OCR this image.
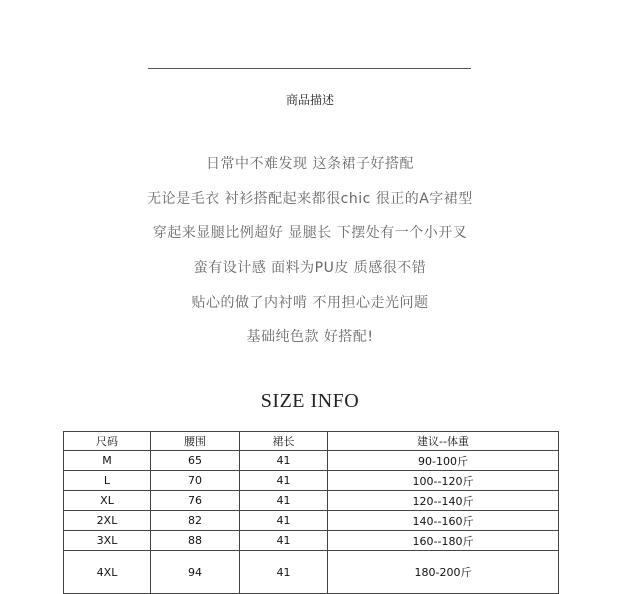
商品描述
日常中不难发现 这条裙子好搭配
无论是毛衣 衬衫搭配起来都很chic 很正的A字裙型
穿起来显腿比例超好 显腿长 下摆处有一个小开叉
蛮有设计感 面料为PU皮 质感很不错
贴心的做了内衬啃 不用担心走光问题
基础纯色款 好搭配!
SIZE INFO
尺码	腰围	裙长	建议--体重
M	65	41	90-100斤
L	70	41	100--120斤
XL	76	41	120--140斤
2XL	82	41	140--160斤
3XL	88	41	160--180斤
4XL	94	41	180-200斤
